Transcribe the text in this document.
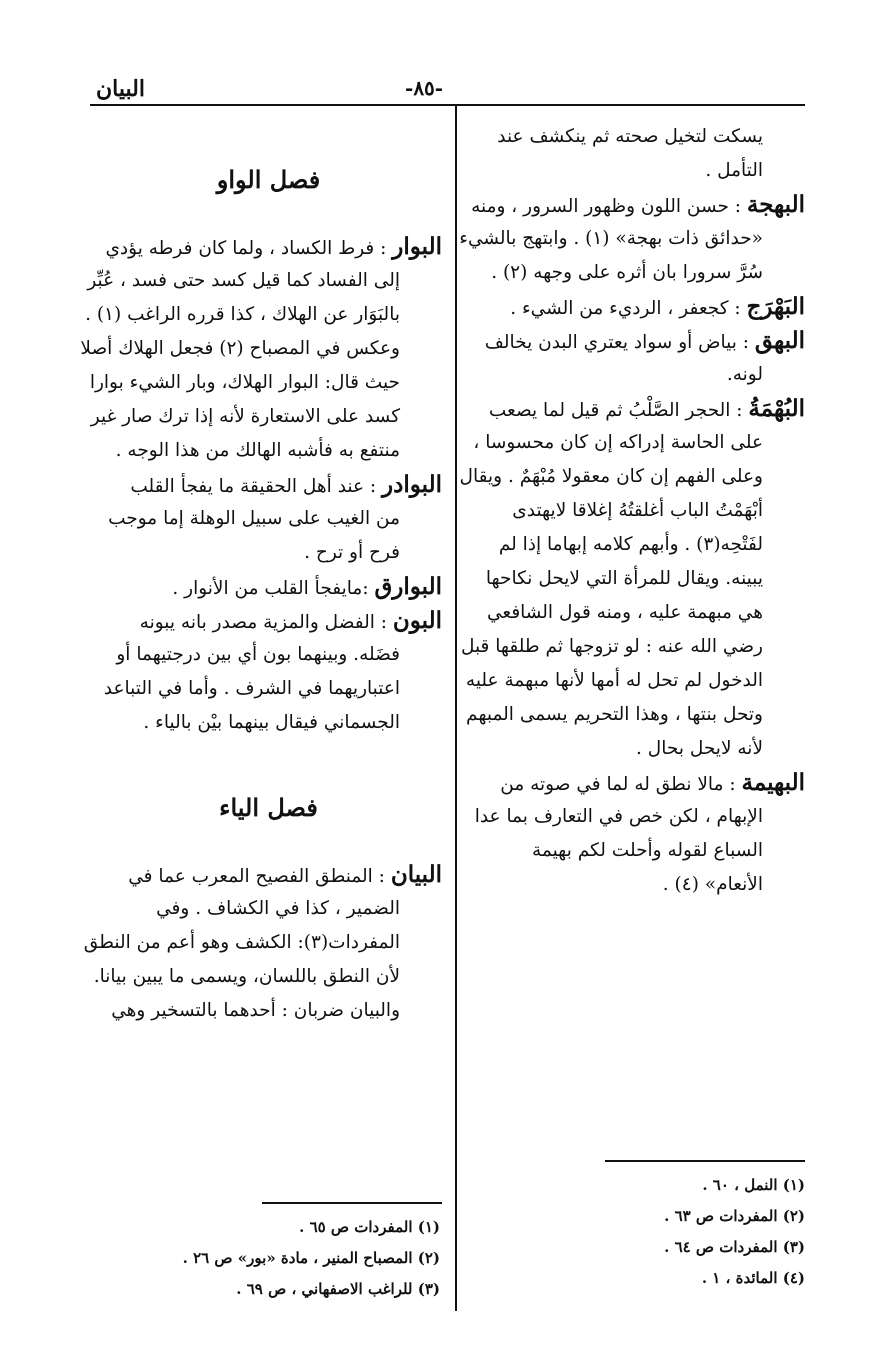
البيان	-٨٥-
يسكت لتخيل صحته ثم ينكشف عند
التأمل .
البهجة : حسن اللون وظهور السرور ، ومنه
«حدائق ذات بهجة» (١) . وابتهج بالشيء
سُرَّ سرورا بان أثره على وجهه (٢) .
البَهْرَج : كجعفر ، الرديء من الشيء .
البهق : بياض أو سواد يعتري البدن يخالف
لونه.
البُهْمَةُ : الحجر الصَّلْبُ ثم قيل لما يصعب
على الحاسة إدراكه إن كان محسوسا ،
وعلى الفهم إن كان معقولا مُبْهَمٌ . ويقال
أبْهَمْتُ الباب أغلقتُهُ إغلاقا لايهتدى
لفَتْحِه(٣) . وأبهم كلامه إبهاما إذا لم
يبينه. ويقال للمرأة التي لايحل نكاحها
هي مبهمة عليه ، ومنه قول الشافعي
رضي الله عنه : لو تزوجها ثم طلقها قبل
الدخول لم تحل له أمها لأنها مبهمة عليه
وتحل بنتها ، وهذا التحريم يسمى المبهم
لأنه لايحل بحال .
البهيمة : مالا نطق له لما في صوته من
الإبهام ، لكن خص في التعارف بما عدا
السباع لقوله وأحلت لكم بهيمة
الأنعام» (٤) .
فصل الواو
البوار : فرط الكساد ، ولما كان فرطه يؤدي
إلى الفساد كما قيل كسد حتى فسد ، عُبِّر
بالبَوَار عن الهلاك ، كذا قرره الراغب (١) .
وعكس في المصباح (٢) فجعل الهلاك أصلا
حيث قال: البوار الهلاك، وبار الشيء بوارا
كسد على الاستعارة لأنه إذا ترك صار غير
منتفع به فأشبه الهالك من هذا الوجه .
البوادر : عند أهل الحقيقة ما يفجأ القلب
من الغيب على سبيل الوهلة إما موجب
فرح أو ترح .
البوارق :مايفجأ القلب من الأنوار .
البون : الفضل والمزية مصدر بانه يبونه
فضَله. وبينهما بون أي بين درجتيهما أو
اعتباريهما في الشرف . وأما في التباعد
الجسماني فيقال بينهما بيْن بالياء .
فصل الياء
البيان : المنطق الفصيح المعرب عما في
الضمير ، كذا في الكشاف . وفي
المفردات(٣): الكشف وهو أعم من النطق
لأن النطق باللسان، ويسمى ما يبين بيانا.
والبيان ضربان : أحدهما بالتسخير وهي
(١) المفردات ص ٦٥ .
(٢) المصباح المنير ، مادة «بور» ص ٢٦ .
(٣) للراغب الاصفهاني ، ص ٦٩ .
(١) النمل ، ٦٠ .
(٢) المفردات ص ٦٣ .
(٣) المفردات ص ٦٤ .
(٤) المائدة ، ١ .
